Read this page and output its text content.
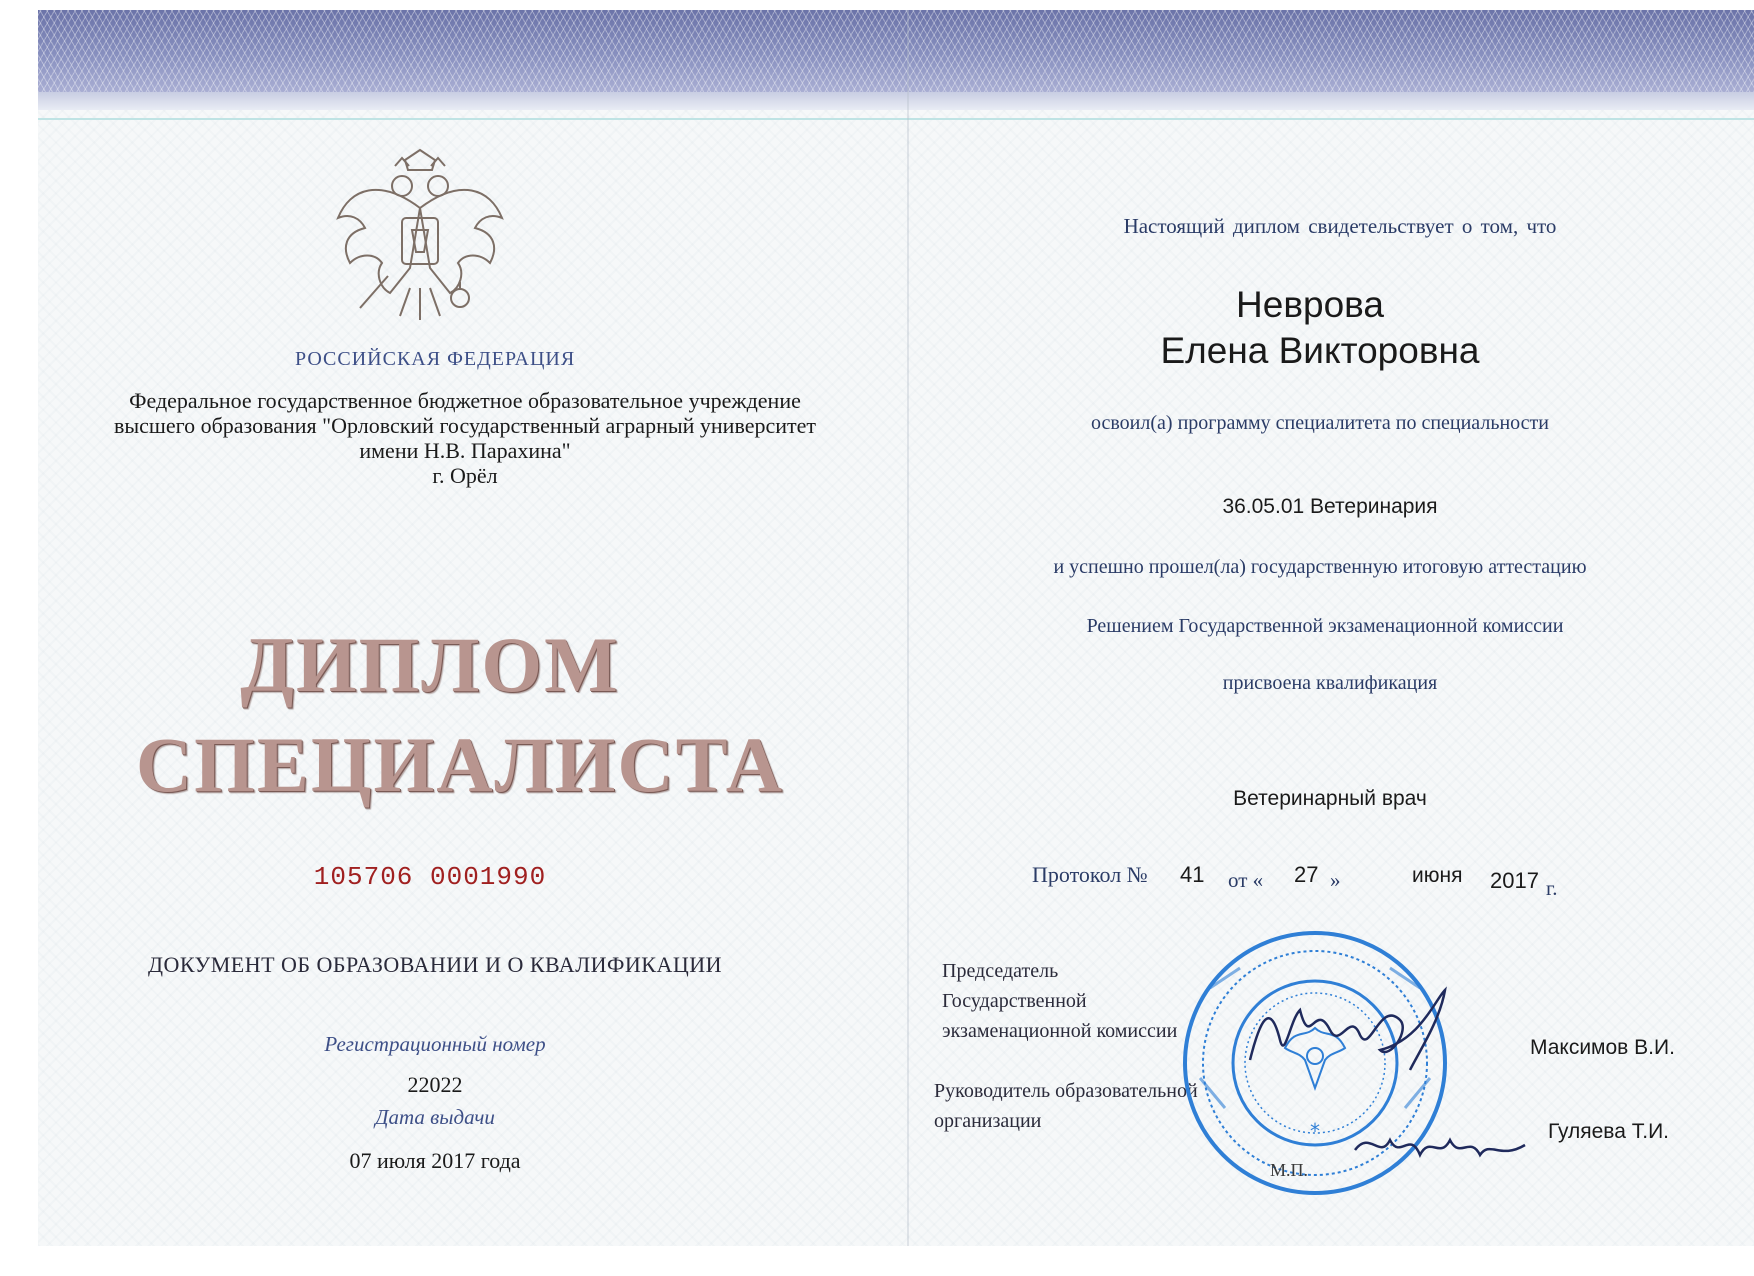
РОССИЙСКАЯ ФЕДЕРАЦИЯ
Федеральное государственное бюджетное образовательное учреждение
высшего образования "Орловский государственный аграрный университет
имени Н.В. Парахина"
г. Орёл
ДИПЛОМ
СПЕЦИАЛИСТА
105706 0001990
ДОКУМЕНТ ОБ ОБРАЗОВАНИИ И О КВАЛИФИКАЦИИ
Регистрационный номер
22022
Дата выдачи
07 июля 2017 года
Настоящий диплом свидетельствует о том, что
Неврова
Елена Викторовна
освоил(а) программу специалитета по специальности
36.05.01 Ветеринария
и успешно прошел(ла) государственную итоговую аттестацию
Решением Государственной экзаменационной комиссии
присвоена квалификация
Ветеринарный врач
Протокол № 41 от « 27 »	июня 2017 г.
Председатель
Государственной
экзаменационной комиссии
Руководитель образовательной
организации	*
Максимов В.И.
Гуляева Т.И.
М.П.
